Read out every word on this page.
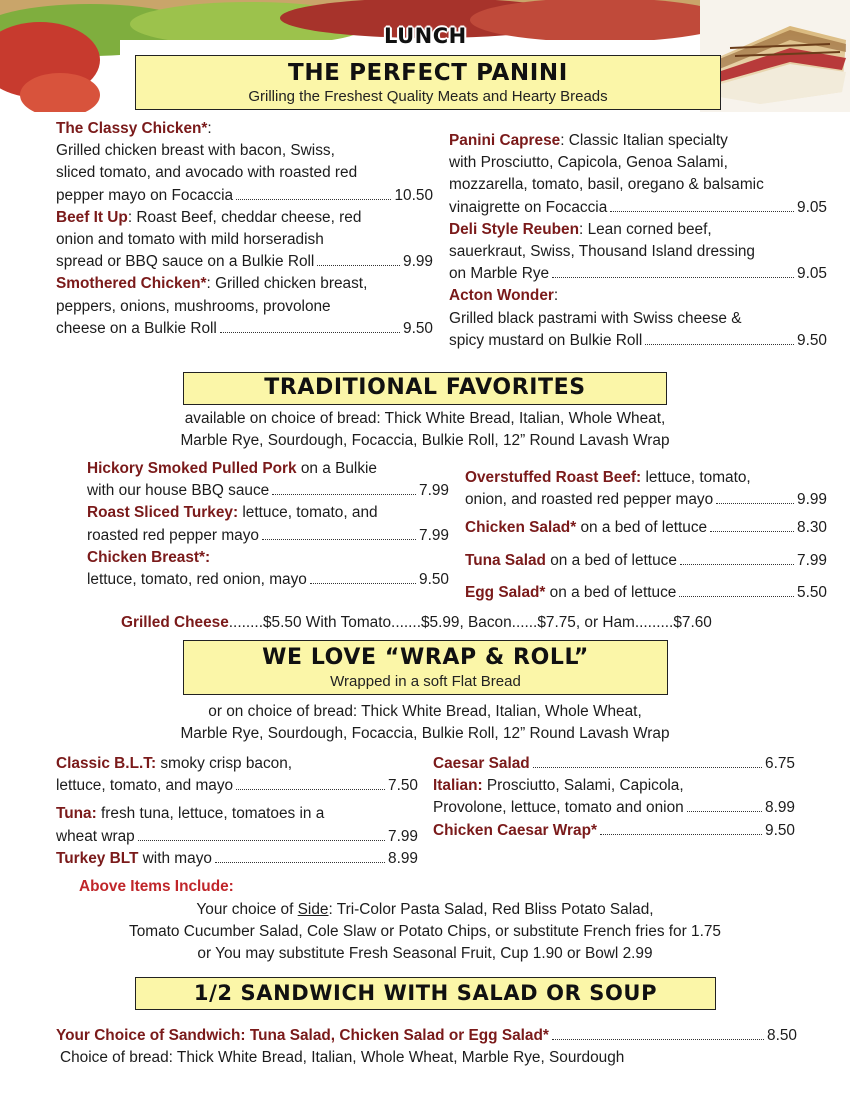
LUNCH
THE PERFECT PANINI
Grilling the Freshest Quality Meats and Hearty Breads
The Classy Chicken*:
Grilled chicken breast with bacon, Swiss,
sliced tomato, and avocado with roasted red
pepper mayo on Focaccia	10.50
Beef It Up: Roast Beef, cheddar cheese, red
onion and tomato with mild horseradish
spread or BBQ sauce on a Bulkie Roll	9.99
Smothered Chicken*: Grilled chicken breast,
peppers, onions, mushrooms, provolone
cheese on a Bulkie Roll	9.50
Panini Caprese: Classic Italian specialty
with Prosciutto, Capicola, Genoa Salami,
mozzarella, tomato, basil, oregano & balsamic
vinaigrette on Focaccia	9.05
Deli Style Reuben: Lean corned beef,
sauerkraut, Swiss, Thousand Island dressing
on Marble Rye	9.05
Acton Wonder:
Grilled black pastrami with Swiss cheese &
spicy mustard on Bulkie Roll	9.50
TRADITIONAL FAVORITES
available on choice of bread: Thick White Bread, Italian, Whole Wheat,
Marble Rye, Sourdough, Focaccia, Bulkie Roll, 12” Round Lavash Wrap
Hickory Smoked Pulled Pork on a Bulkie
with our house BBQ sauce	7.99
Roast Sliced Turkey: lettuce, tomato, and
roasted red pepper mayo	7.99
Chicken Breast*:
lettuce, tomato, red onion, mayo	9.50
Overstuffed Roast Beef: lettuce, tomato,
onion, and roasted red pepper mayo	9.99
Chicken Salad* on a bed of lettuce	8.30
Tuna Salad on a bed of lettuce	7.99
Egg Salad* on a bed of lettuce	5.50
Grilled Cheese........$5.50 With Tomato.......$5.99, Bacon......$7.75, or Ham.........$7.60
WE LOVE “WRAP & ROLL”
Wrapped in a soft Flat Bread
or on choice of bread: Thick White Bread, Italian, Whole Wheat,
Marble Rye, Sourdough, Focaccia, Bulkie Roll, 12” Round Lavash Wrap
Classic B.L.T: smoky crisp bacon,
lettuce, tomato, and mayo	7.50
Tuna: fresh tuna, lettuce, tomatoes in a
wheat wrap	7.99
Turkey BLT with mayo	8.99
Caesar Salad	6.75
Italian: Prosciutto, Salami, Capicola,
Provolone, lettuce, tomato and onion	8.99
Chicken Caesar Wrap*	9.50
Above Items Include:
Your choice of Side: Tri-Color Pasta Salad, Red Bliss Potato Salad,
Tomato Cucumber Salad, Cole Slaw or Potato Chips, or substitute French fries for 1.75
or You may substitute Fresh Seasonal Fruit, Cup 1.90 or Bowl 2.99
1/2 SANDWICH WITH SALAD OR SOUP
Your Choice of Sandwich: Tuna Salad, Chicken Salad or Egg Salad*	8.50
Choice of bread: Thick White Bread, Italian, Whole Wheat, Marble Rye, Sourdough
